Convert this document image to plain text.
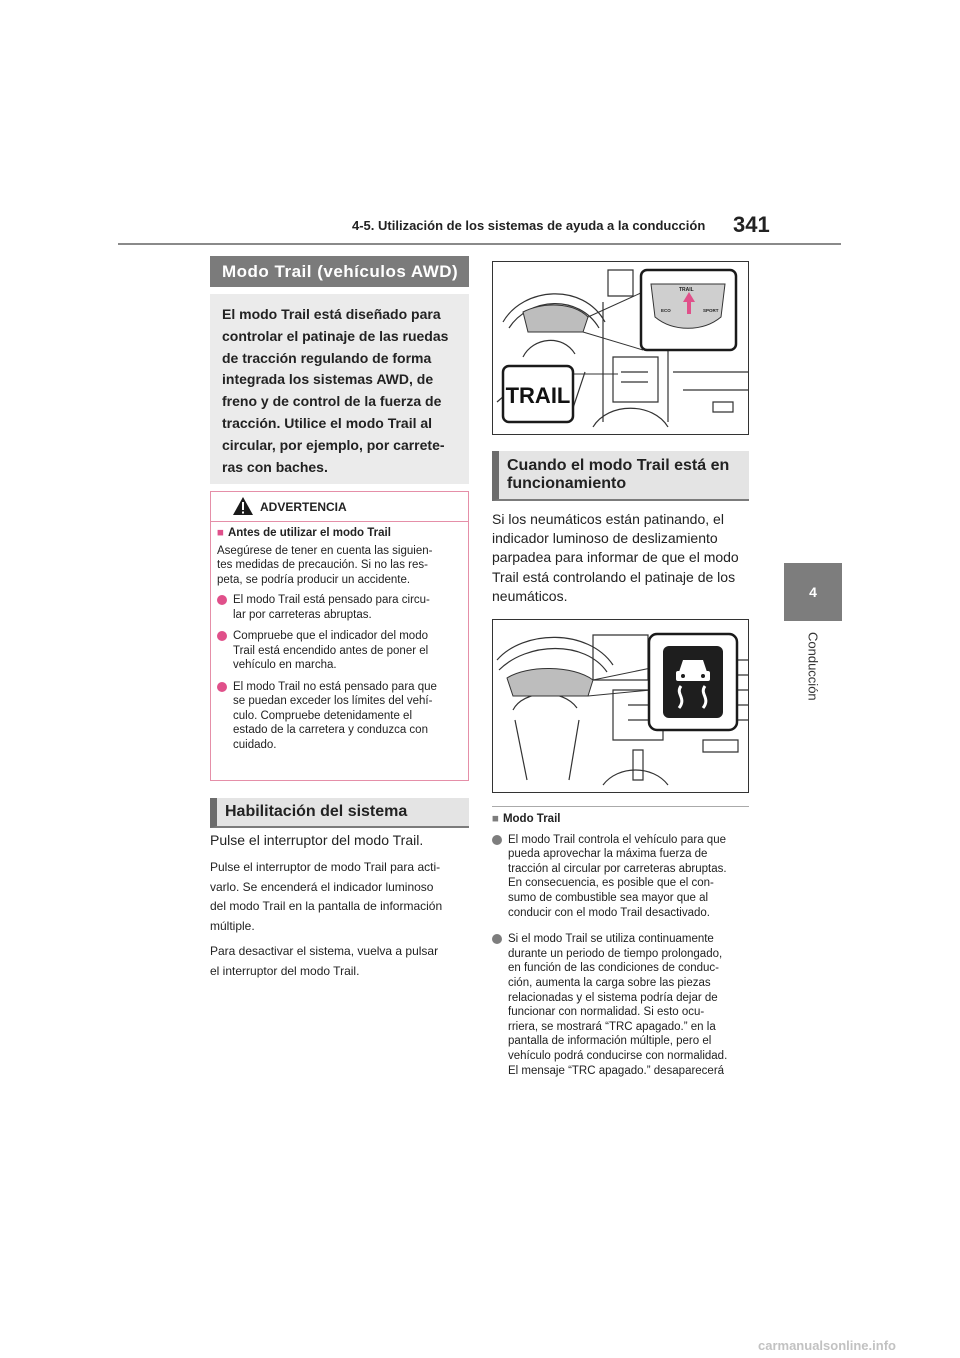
4-5. Utilización de los sistemas de ayuda a la conducción 341
4
Conducción
Modo Trail (vehículos AWD)
El modo Trail está diseñado para
controlar el patinaje de las ruedas
de tracción regulando de forma
integrada los sistemas AWD, de
freno y de control de la fuerza de
tracción. Utilice el modo Trail al
circular, por ejemplo, por carrete-
ras con baches.
ADVERTENCIA
■ Antes de utilizar el modo Trail
Asegúrese de tener en cuenta las siguien-
tes medidas de precaución. Si no las res-
peta, se podría producir un accidente.
El modo Trail está pensado para circu-
lar por carreteras abruptas.
Compruebe que el indicador del modo
Trail está encendido antes de poner el
vehículo en marcha.
El modo Trail no está pensado para que
se puedan exceder los límites del vehí-
culo. Compruebe detenidamente el
estado de la carretera y conduzca con
cuidado.
Habilitación del sistema
Pulse el interruptor del modo Trail.
Pulse el interruptor de modo Trail para acti-
varlo. Se encenderá el indicador luminoso
del modo Trail en la pantalla de información
múltiple.
Para desactivar el sistema, vuelva a pulsar
el interruptor del modo Trail.
TRAIL
ECO	SPORT
TRAIL
Cuando el modo Trail está en
funcionamiento
Si los neumáticos están patinando, el
indicador luminoso de deslizamiento
parpadea para informar de que el modo
Trail está controlando el patinaje de los
neumáticos.
■ Modo Trail
El modo Trail controla el vehículo para que
pueda aprovechar la máxima fuerza de
tracción al circular por carreteras abruptas.
En consecuencia, es posible que el con-
sumo de combustible sea mayor que al
conducir con el modo Trail desactivado.
Si el modo Trail se utiliza continuamente
durante un periodo de tiempo prolongado,
en función de las condiciones de conduc-
ción, aumenta la carga sobre las piezas
relacionadas y el sistema podría dejar de
funcionar con normalidad. Si esto ocu-
rriera, se mostrará “TRC apagado.” en la
pantalla de información múltiple, pero el
vehículo podrá conducirse con normalidad.
El mensaje “TRC apagado.” desaparecerá
carmanualsonline.info
